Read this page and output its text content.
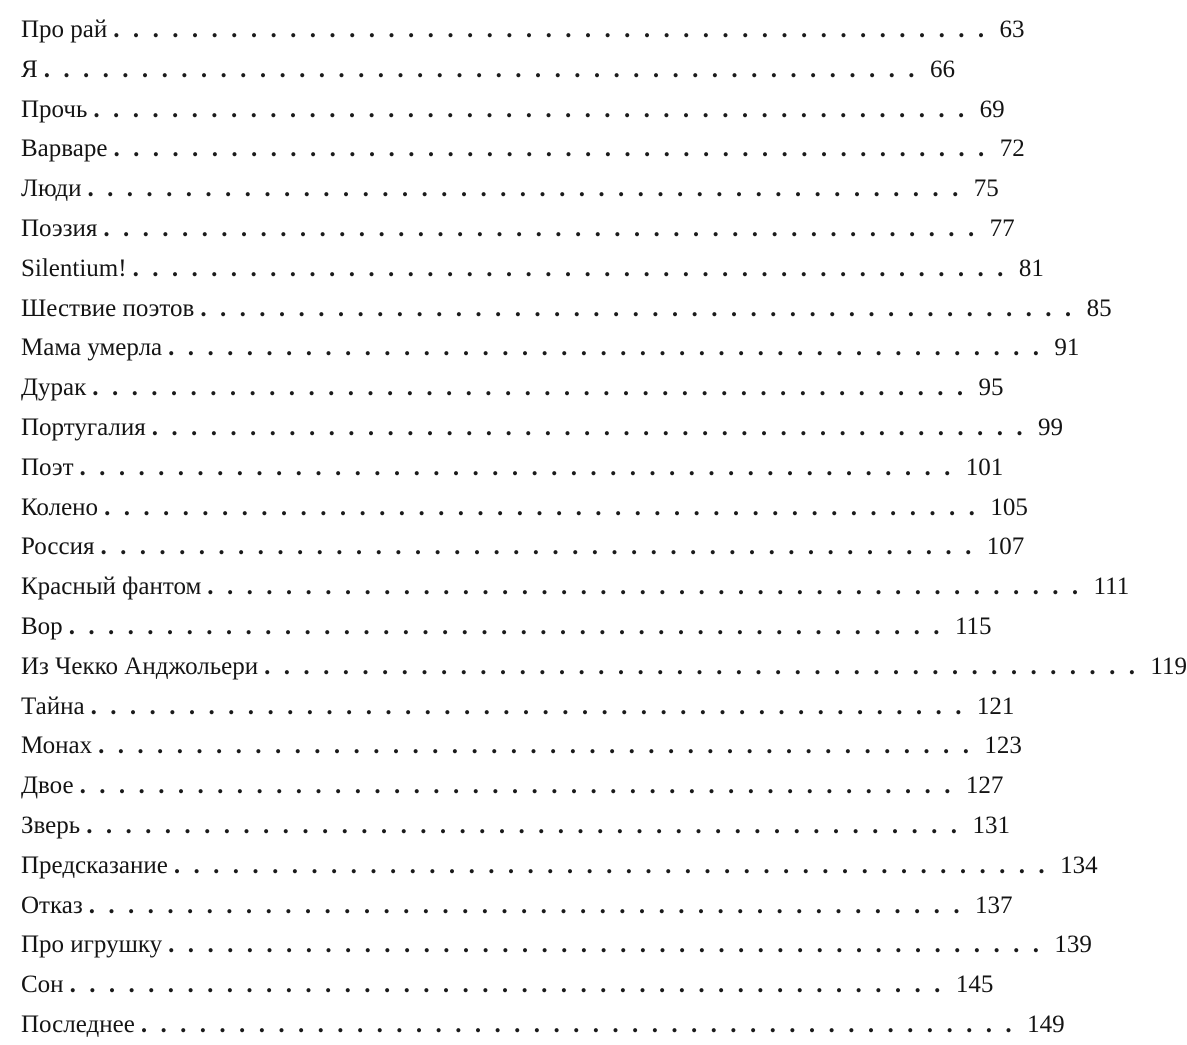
Про рай ............................................. 63
Я ............................................. 66
Прочь ............................................. 69
Варваре ............................................. 72
Люди ............................................. 75
Поэзия ............................................. 77
Silentium! ............................................. 81
Шествие поэтов ............................................. 85
Мама умерла ............................................. 91
Дурак ............................................. 95
Португалия ............................................. 99
Поэт ............................................. 101
Колено ............................................. 105
Россия ............................................. 107
Красный фантом ............................................. 111
Вор ............................................. 115
Из Чекко Анджольери ............................................. 119
Тайна ............................................. 121
Монах ............................................. 123
Двое ............................................. 127
Зверь ............................................. 131
Предсказание ............................................. 134
Отказ ............................................. 137
Про игрушку ............................................. 139
Сон ............................................. 145
Последнее ............................................. 149
